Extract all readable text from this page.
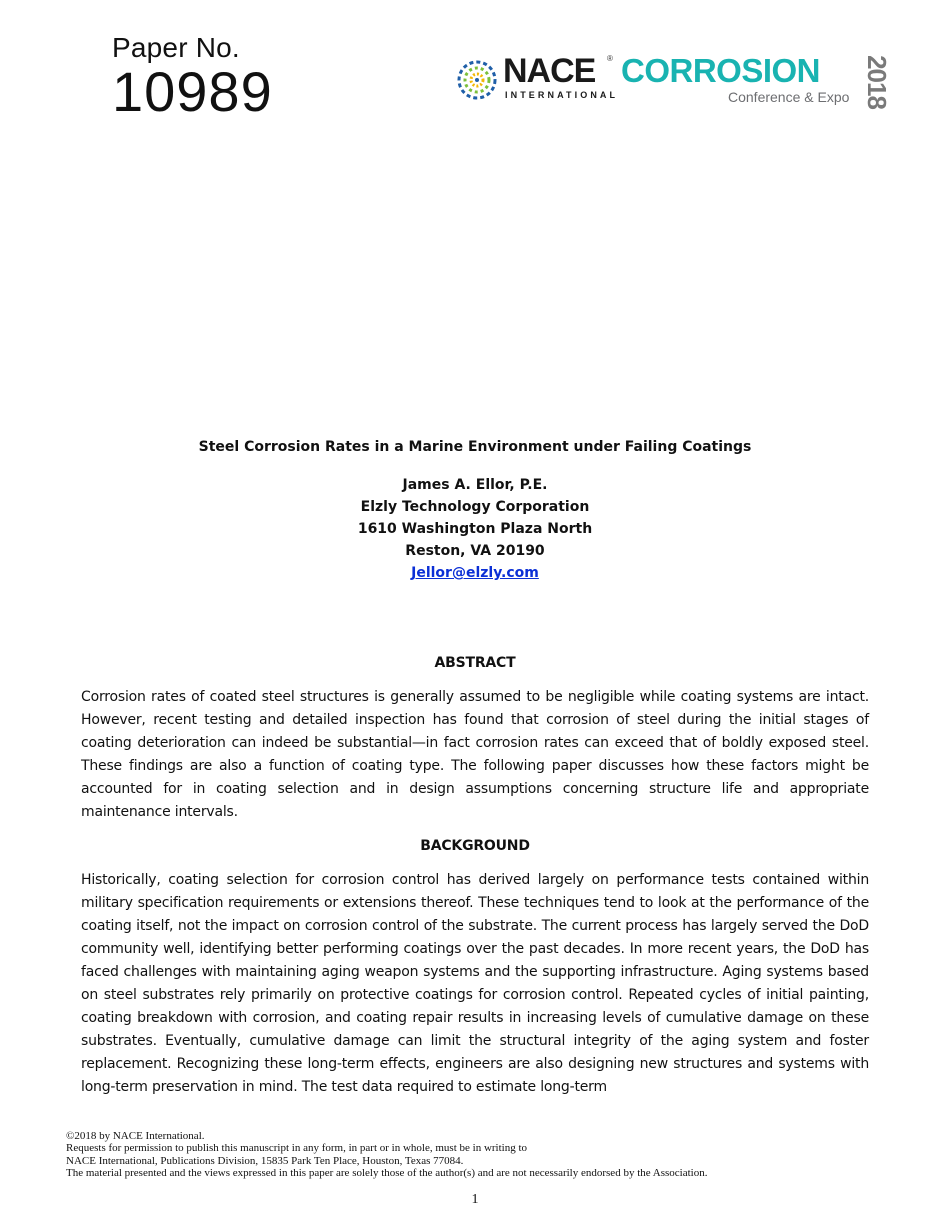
Paper No.
10989	NACE ®
INTERNATIONAL
CORROSION
Conference & Expo 2018

Steel Corrosion Rates in a Marine Environment under Failing Coatings

James A. Ellor, P.E.

Elzly Technology Corporation

1610 Washington Plaza North

Reston, VA 20190

Jellor@elzly.com

ABSTRACT

Corrosion rates of coated steel structures is generally assumed to be negligible while coating systems are intact. However, recent testing and detailed inspection has found that corrosion of steel during the initial stages of coating deterioration can indeed be substantial—in fact corrosion rates can exceed that of boldly exposed steel. These findings are also a function of coating type. The following paper discusses how these factors might be accounted for in coating selection and in design assumptions concerning structure life and appropriate maintenance intervals.

BACKGROUND

Historically, coating selection for corrosion control has derived largely on performance tests contained within military specification requirements or extensions thereof. These techniques tend to look at the performance of the coating itself, not the impact on corrosion control of the substrate. The current process has largely served the DoD community well, identifying better performing coatings over the past decades. In more recent years, the DoD has faced challenges with maintaining aging weapon systems and the supporting infrastructure. Aging systems based on steel substrates rely primarily on protective coatings for corrosion control. Repeated cycles of initial painting, coating breakdown with corrosion, and coating repair results in increasing levels of cumulative damage on these substrates. Eventually, cumulative damage can limit the structural integrity of the aging system and foster replacement. Recognizing these long-term effects, engineers are also designing new structures and systems with long-term preservation in mind. The test data required to estimate long-term

©2018 by NACE International.
Requests for permission to publish this manuscript in any form, in part or in whole, must be in writing to
NACE International, Publications Division, 15835 Park Ten Place, Houston, Texas 77084.
The material presented and the views expressed in this paper are solely those of the author(s) and are not necessarily endorsed by the Association.
1
